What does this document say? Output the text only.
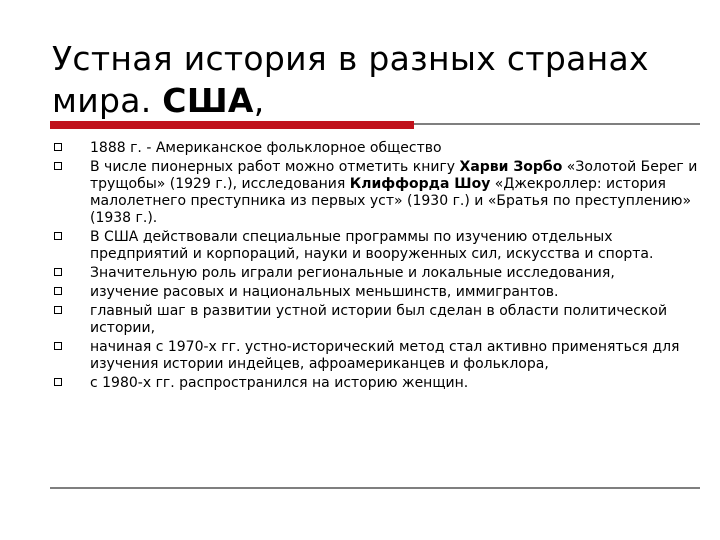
Устная история в разных странах
мира. США,
1888 г. - Американское фольклорное общество
В числе пионерных работ можно отметить книгу Харви Зорбо «Золотой Берег и трущобы» (1929 г.), исследования Клиффорда Шоу «Джекроллер: история малолетнего преступника из первых уст» (1930 г.) и «Братья по преступлению» (1938 г.).
В США действовали специальные программы по изучению отдельных предприятий и корпораций, науки и вооруженных сил, искусства и спорта.
Значительную роль играли региональные и локальные исследования,
изучение расовых и национальных меньшинств, иммигрантов.
главный шаг в развитии устной истории был сделан в области политической истории,
начиная с 1970-х гг. устно-исторический метод стал активно применяться для изучения истории индейцев, афроамериканцев и фольклора,
с 1980-х гг. распространился на историю женщин.
